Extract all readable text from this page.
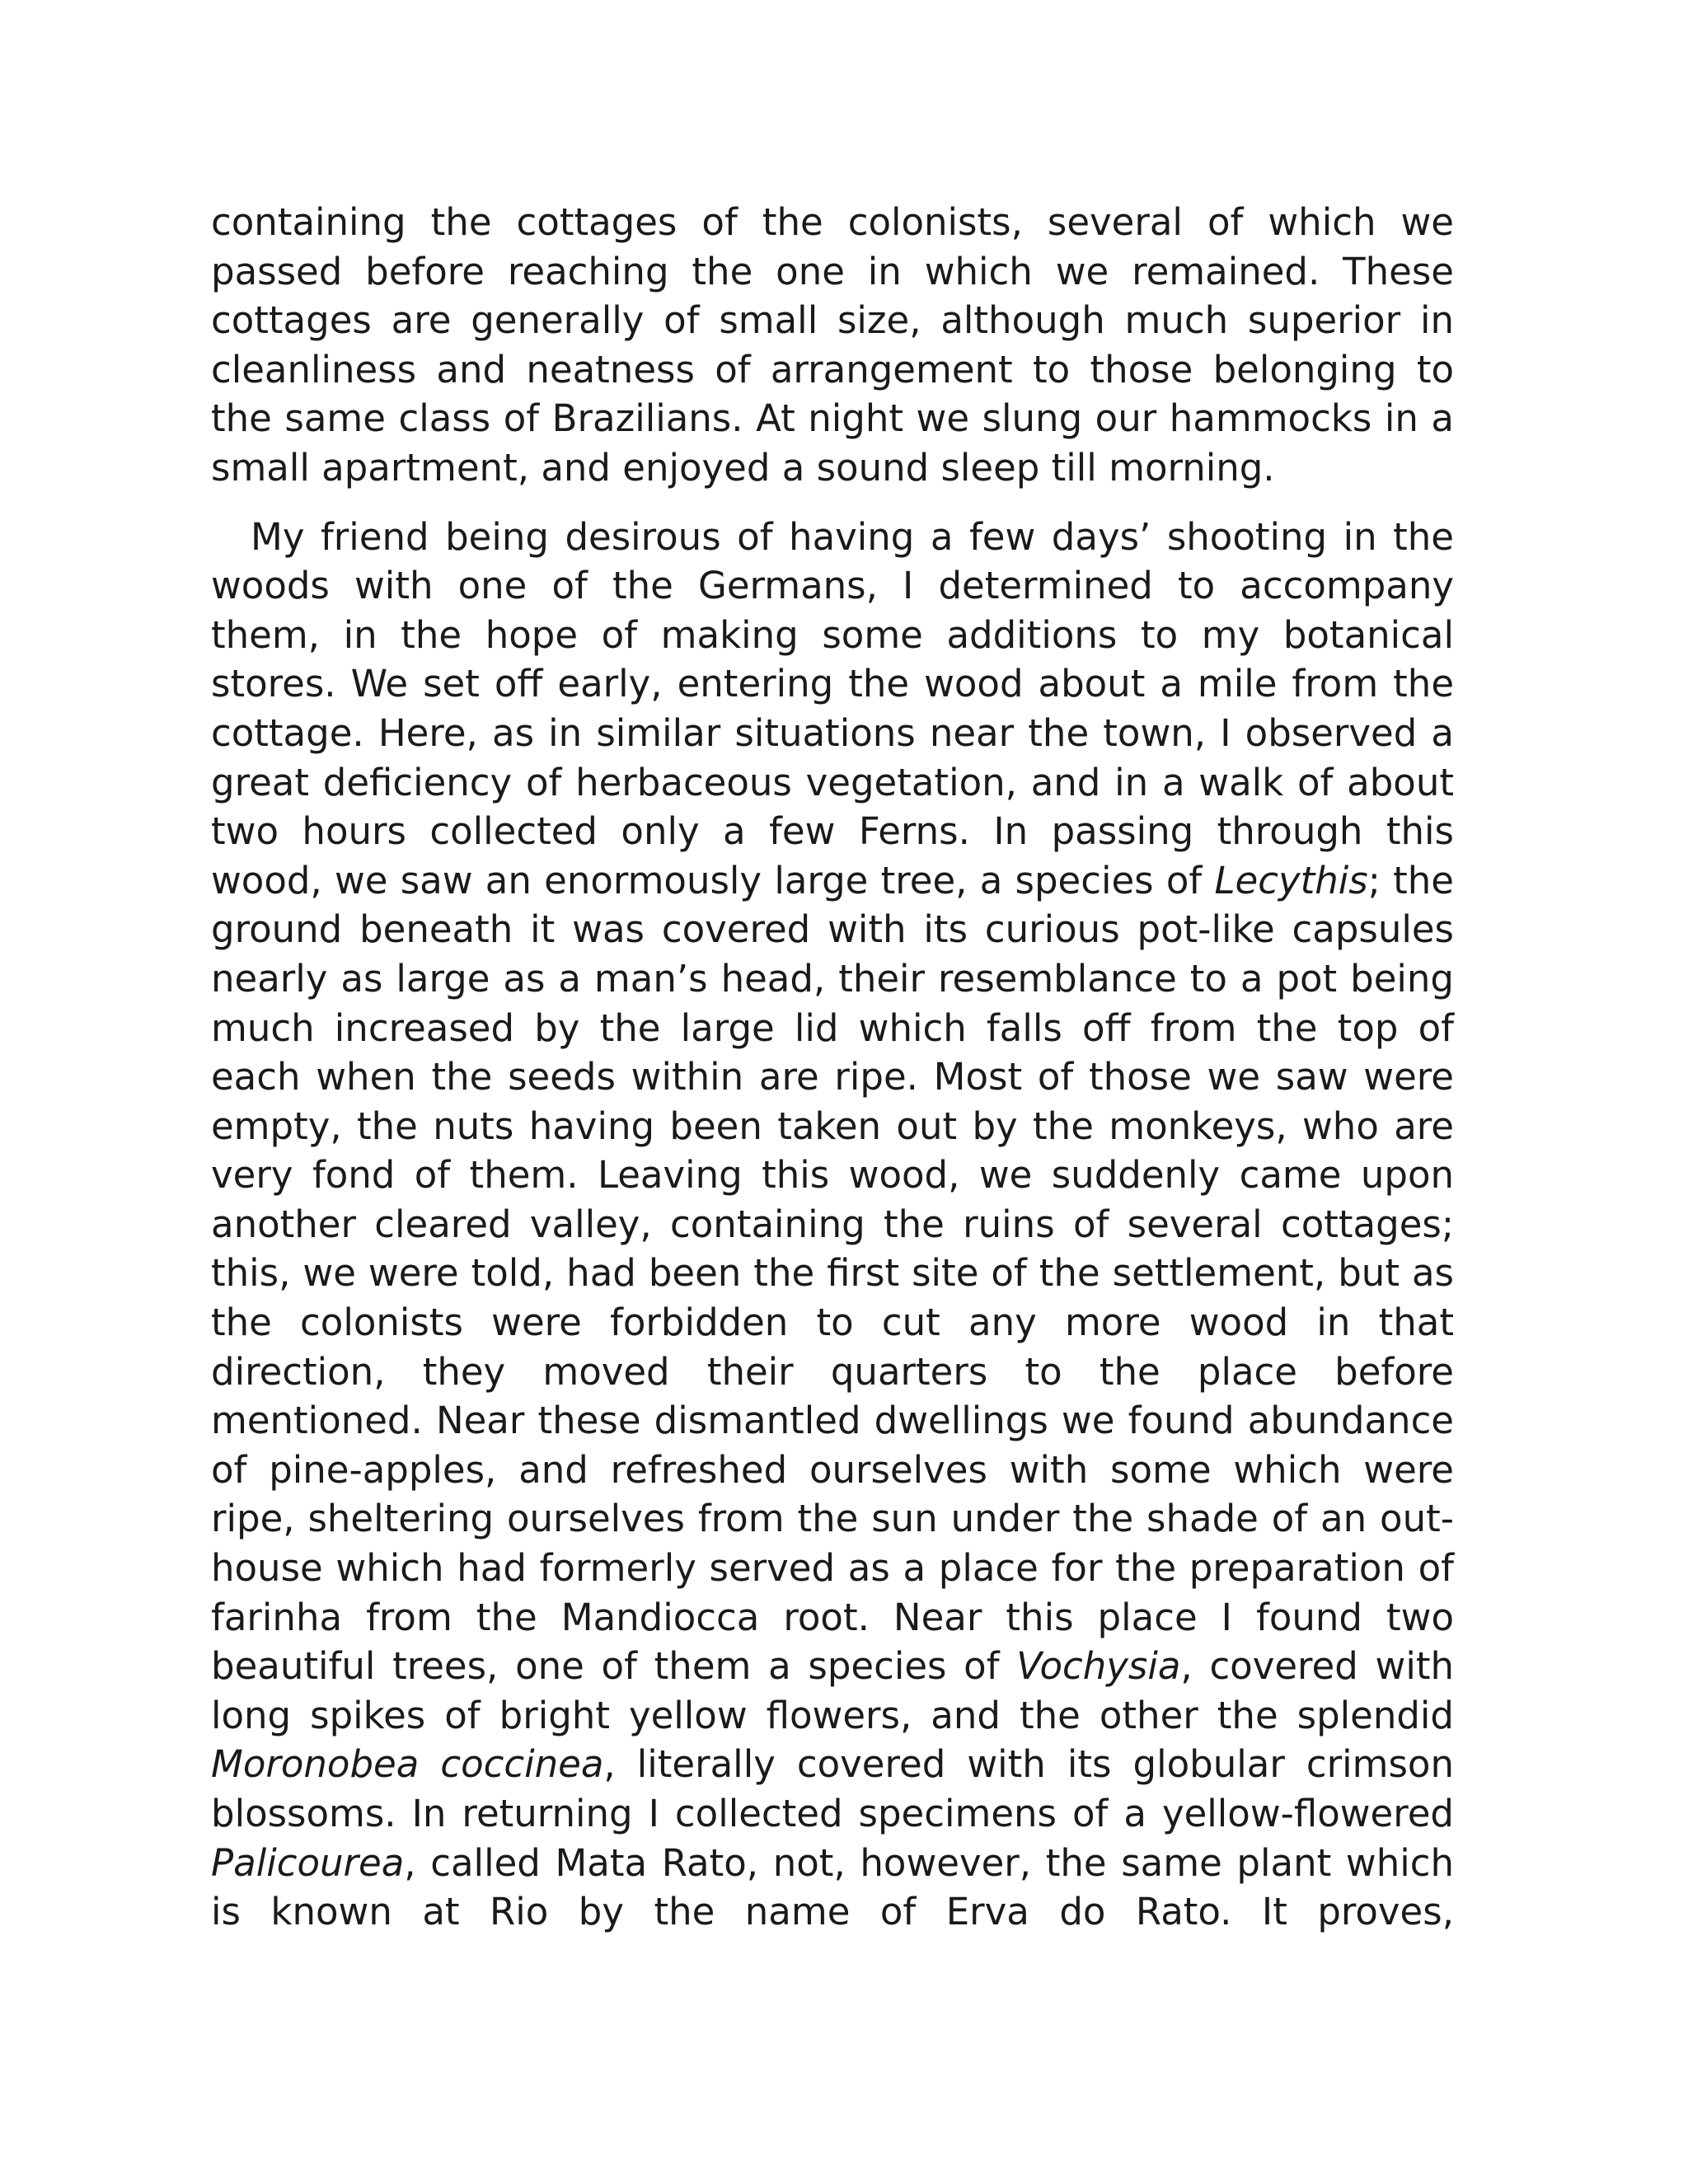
containing the cottages of the colonists, several of which we passed before reaching the one in which we remained. These cottages are generally of small size, although much superior in cleanliness and neatness of arrangement to those belonging to the same class of Brazilians. At night we slung our hammocks in a small apartment, and enjoyed a sound sleep till morning.

My friend being desirous of having a few days’ shooting in the woods with one of the Germans, I determined to accompany them, in the hope of making some additions to my botanical stores. We set off early, entering the wood about a mile from the cottage. Here, as in similar situations near the town, I observed a great deficiency of herbaceous vegetation, and in a walk of about two hours collected only a few Ferns. In passing through this wood, we saw an enormously large tree, a species of Lecythis; the ground beneath it was covered with its curious pot-like capsules nearly as large as a man’s head, their resemblance to a pot being much increased by the large lid which falls off from the top of each when the seeds within are ripe. Most of those we saw were empty, the nuts having been taken out by the monkeys, who are very fond of them. Leaving this wood, we suddenly came upon another cleared valley, containing the ruins of several cottages; this, we were told, had been the first site of the settlement, but as the colonists were forbidden to cut any more wood in that direction, they moved their quarters to the place before mentioned. Near these dismantled dwellings we found abundance of pine-apples, and refreshed ourselves with some which were ripe, sheltering ourselves from the sun under the shade of an out-house which had formerly served as a place for the preparation of farinha from the Mandiocca root. Near this place I found two beautiful trees, one of them a species of Vochysia, covered with long spikes of bright yellow flowers, and the other the splendid Moronobea coccinea, literally covered with its globular crimson blossoms. In returning I collected specimens of a yellow-flowered Palicourea, called Mata Rato, not, however, the same plant which is known at Rio by the name of Erva do Rato. It proves,
